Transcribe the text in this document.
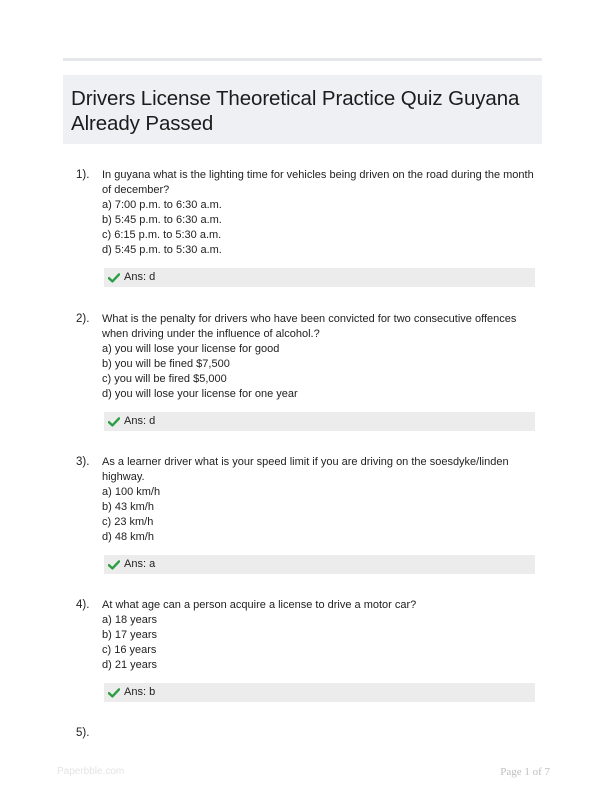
Drivers License Theoretical Practice Quiz Guyana Already Passed
1). In guyana what is the lighting time for vehicles being driven on the road during the month of december?

a) 7:00 p.m. to 6:30 a.m.
b) 5:45 p.m. to 6:30 a.m.
c) 6:15 p.m. to 5:30 a.m.
d) 5:45 p.m. to 5:30 a.m.
Ans: d
2). What is the penalty for drivers who have been convicted for two consecutive offences when driving under the influence of alcohol.?

a) you will lose your license for good
b) you will be fined $7,500
c) you will be fired $5,000
d) you will lose your license for one year
Ans: d
3). As a learner driver what is your speed limit if you are driving on the soesdyke/linden highway.

a) 100 km/h
b) 43 km/h
c) 23 km/h
d) 48 km/h
Ans: a
4). At what age can a person acquire a license to drive a motor car?

a) 18 years
b) 17 years
c) 16 years
d) 21 years
Ans: b
5).
Paperbble.com	Page 1 of 7
